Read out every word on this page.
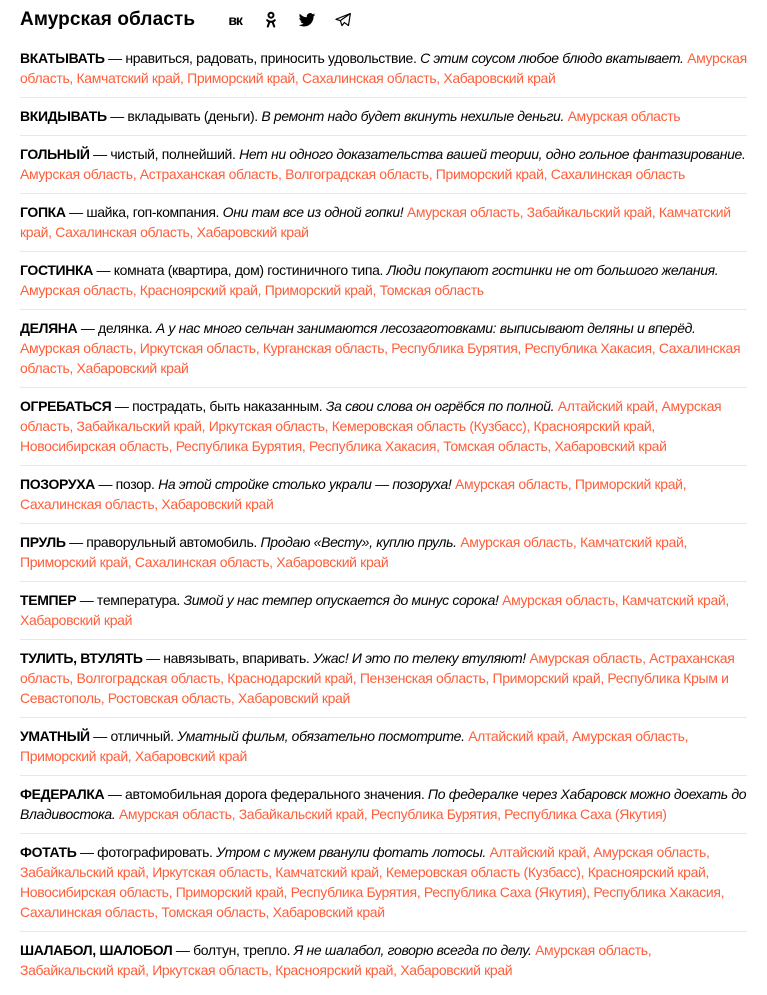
Амурская область вк
ВКАТЫВАТЬ — нравиться, радовать, приносить удовольствие. С этим соусом любое блюдо вкатывает. Амурская область, Камчатский край, Приморский край, Сахалинская область, Хабаровский край
ВКИДЫВАТЬ — вкладывать (деньги). В ремонт надо будет вкинуть нехилые деньги. Амурская область
ГОЛЬНЫЙ — чистый, полнейший. Нет ни одного доказательства вашей теории, одно гольное фантазирование. Амурская область, Астраханская область, Волгоградская область, Приморский край, Сахалинская область
ГОПКА — шайка, гоп-компания. Они там все из одной гопки! Амурская область, Забайкальский край, Камчатский край, Сахалинская область, Хабаровский край
ГОСТИНКА — комната (квартира, дом) гостиничного типа. Люди покупают гостинки не от большого желания. Амурская область, Красноярский край, Приморский край, Томская область
ДЕЛЯНА — делянка. А у нас много сельчан занимаются лесозаготовками: выписывают деляны и вперёд. Амурская область, Иркутская область, Курганская область, Республика Бурятия, Республика Хакасия, Сахалинская область, Хабаровский край
ОГРЕБАТЬСЯ — пострадать, быть наказанным. За свои слова он огрёбся по полной. Алтайский край, Амурская область, Забайкальский край, Иркутская область, Кемеровская область (Кузбасс), Красноярский край, Новосибирская область, Республика Бурятия, Республика Хакасия, Томская область, Хабаровский край
ПОЗОРУХА — позор. На этой стройке столько украли — позоруха! Амурская область, Приморский край, Сахалинская область, Хабаровский край
ПРУЛЬ — праворульный автомобиль. Продаю «Весту», куплю пруль. Амурская область, Камчатский край, Приморский край, Сахалинская область, Хабаровский край
ТЕМПЕР — температура. Зимой у нас темпер опускается до минус сорока! Амурская область, Камчатский край, Хабаровский край
ТУЛИТЬ, ВТУЛЯТЬ — навязывать, впаривать. Ужас! И это по телеку втуляют! Амурская область, Астраханская область, Волгоградская область, Краснодарский край, Пензенская область, Приморский край, Республика Крым и Севастополь, Ростовская область, Хабаровский край
УМАТНЫЙ — отличный. Уматный фильм, обязательно посмотрите. Алтайский край, Амурская область, Приморский край, Хабаровский край
ФЕДЕРАЛКА — автомобильная дорога федерального значения. По федералке через Хабаровск можно доехать до Владивостока. Амурская область, Забайкальский край, Республика Бурятия, Республика Саха (Якутия)
ФОТАТЬ — фотографировать. Утром с мужем рванули фотать лотосы. Алтайский край, Амурская область, Забайкальский край, Иркутская область, Камчатский край, Кемеровская область (Кузбасс), Красноярский край, Новосибирская область, Приморский край, Республика Бурятия, Республика Саха (Якутия), Республика Хакасия, Сахалинская область, Томская область, Хабаровский край
ШАЛАБОЛ, ШАЛОБОЛ — болтун, трепло. Я не шалабол, говорю всегда по делу. Амурская область, Забайкальский край, Иркутская область, Красноярский край, Хабаровский край
